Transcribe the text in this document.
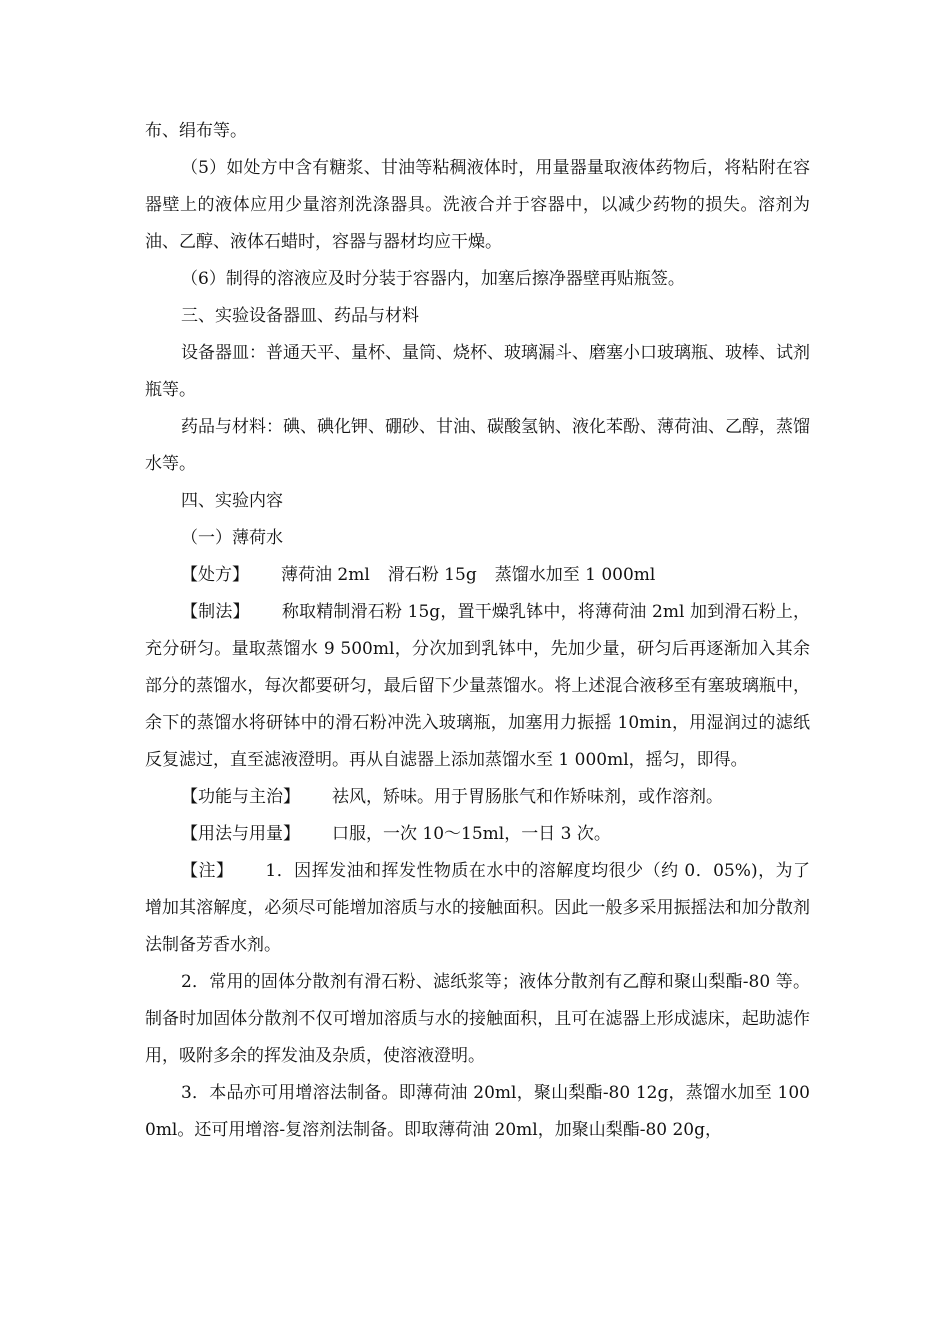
布、绢布等。

（5）如处方中含有糖浆、甘油等粘稠液体时，用量器量取液体药物后，将粘附在容器壁上的液体应用少量溶剂洗涤器具。洗液合并于容器中，以减少药物的损失。溶剂为油、乙醇、液体石蜡时，容器与器材均应干燥。

（6）制得的溶液应及时分装于容器内，加塞后擦净器壁再贴瓶签。

三、实验设备器皿、药品与材料

设备器皿：普通天平、量杯、量筒、烧杯、玻璃漏斗、磨塞小口玻璃瓶、玻棒、试剂瓶等。

药品与材料：碘、碘化钾、硼砂、甘油、碳酸氢钠、液化苯酚、薄荷油、乙醇，蒸馏水等。

四、实验内容

（一）薄荷水

【处方】 薄荷油 2ml 滑石粉 15g 蒸馏水加至 1 000ml

【制法】 称取精制滑石粉 15g，置干燥乳钵中，将薄荷油 2ml 加到滑石粉上，充分研匀。量取蒸馏水 9 500ml，分次加到乳钵中，先加少量，研匀后再逐渐加入其余部分的蒸馏水，每次都要研匀，最后留下少量蒸馏水。将上述混合液移至有塞玻璃瓶中，余下的蒸馏水将研钵中的滑石粉冲洗入玻璃瓶，加塞用力振摇 10min，用湿润过的滤纸反复滤过，直至滤液澄明。再从自滤器上添加蒸馏水至 1 000ml，摇匀，即得。

【功能与主治】 祛风，矫味。用于胃肠胀气和作矫味剂，或作溶剂。

【用法与用量】 口服，一次 10～15ml，一日 3 次。

【注】 1．因挥发油和挥发性物质在水中的溶解度均很少（约 0．05%)，为了增加其溶解度，必须尽可能增加溶质与水的接触面积。因此一般多采用振摇法和加分散剂法制备芳香水剂。

2．常用的固体分散剂有滑石粉、滤纸浆等；液体分散剂有乙醇和聚山梨酯-80 等。制备时加固体分散剂不仅可增加溶质与水的接触面积，且可在滤器上形成滤床，起助滤作用，吸附多余的挥发油及杂质，使溶液澄明。

3．本品亦可用增溶法制备。即薄荷油 20ml，聚山梨酯-80 12g，蒸馏水加至 1000ml。还可用增溶-复溶剂法制备。即取薄荷油 20ml，加聚山梨酯-80 20g，
